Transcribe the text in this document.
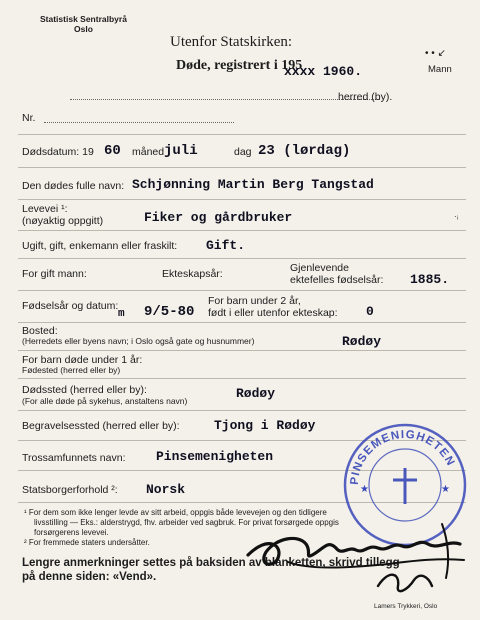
Statistisk Sentralbyrå
Oslo
Utenfor Statskirken:
Døde, registrert i 195
xxxx 1960.
• • ↙
Mann
herred (by).
Nr.
Dødsdatum: 19 60 måned juli	dag 23 (lørdag)
Den dødes fulle navn: Schjønning Martin Berg Tangstad
Levevei ¹:
(nøyaktig oppgitt)	Fiker og gårdbruker	·ᵢ
Ugift, gift, enkemann eller fraskilt: Gift.
For gift mann:	Ekteskapsår:	Gjenlevende
ektefelles fødselsår: 1885.
Fødselsår og datum:
m 9/5-80
For barn under 2 år,
født i eller utenfor ekteskap: 0
Bosted:
(Herredets eller byens navn; i Oslo også gate og husnummer)	Rødøy
For barn døde under 1 år:
Fødested (herred eller by)
Dødssted (herred eller by):
(For alle døde på sykehus, anstaltens navn)	Rødøy
Begravelsessted (herred eller by):	Tjong i Rødøy
Trossamfunnets navn: Pinsemenigheten
Statsborgerforhold ²: Norsk
¹ For dem som ikke lenger levde av sitt arbeid, oppgis både levevejen og den tidligere
livsstilling — Eks.: alderstrygd, fhv. arbeider ved sagbruk. For privat forsørgede oppgis
forsørgerens levevei.
² For fremmede staters undersåtter.
Lengre anmerkninger settes på baksiden av blanketten, skrivd tillegg
på denne siden: «Vend».
PINSEMENIGHETEN
★	★
Lamers Trykkeri, Oslo
